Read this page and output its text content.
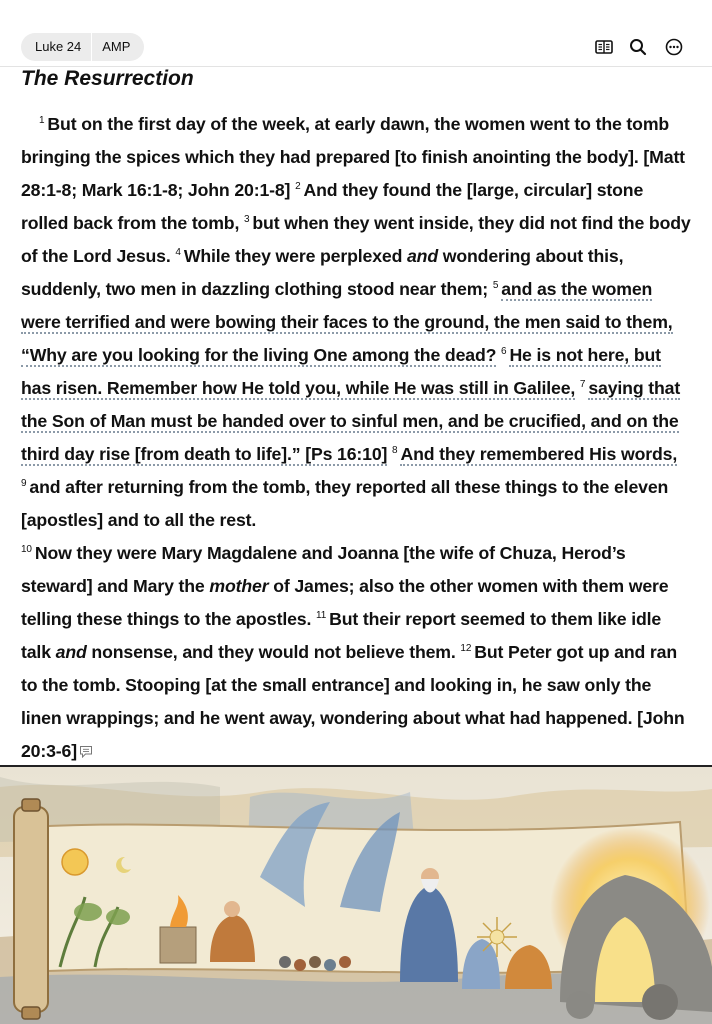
Luke 24	AMP
The Resurrection
$^1$ But on the first day of the week, at early dawn, the women went to the tomb bringing the spices which they had prepared [to finish anointing the body]. [Matt 28:1-8; Mark 16:1-8; John 20:1-8] $^2$ And they found the [large, circular] stone rolled back from the tomb, $^3$ but when they went inside, they did not find the body of the Lord Jesus. $^4$ While they were perplexed and wondering about this, suddenly, two men in dazzling clothing stood near them; $^5$ and as the women were terrified and were bowing their faces to the ground, the men said to them, “Why are you looking for the living One among the dead? $^6$ He is not here, but has risen. Remember how He told you, while He was still in Galilee, $^7$ saying that the Son of Man must be handed over to sinful men, and be crucified, and on the third day rise [from death to life].” [Ps 16:10] $^8$ And they remembered His words, $^9$ and after returning from the tomb, they reported all these things to the eleven [apostles] and to all the rest.
$^{10}$ Now they were Mary Magdalene and Joanna [the wife of Chuza, Herod’s steward] and Mary the mother of James; also the other women with them were telling these things to the apostles. $^{11}$ But their report seemed to them like idle talk and nonsense, and they would not believe them. $^{12}$ But Peter got up and ran to the tomb. Stooping [at the small entrance] and looking in, he saw only the linen wrappings; and he went away, wondering about what had happened. [John 20:3-6]
